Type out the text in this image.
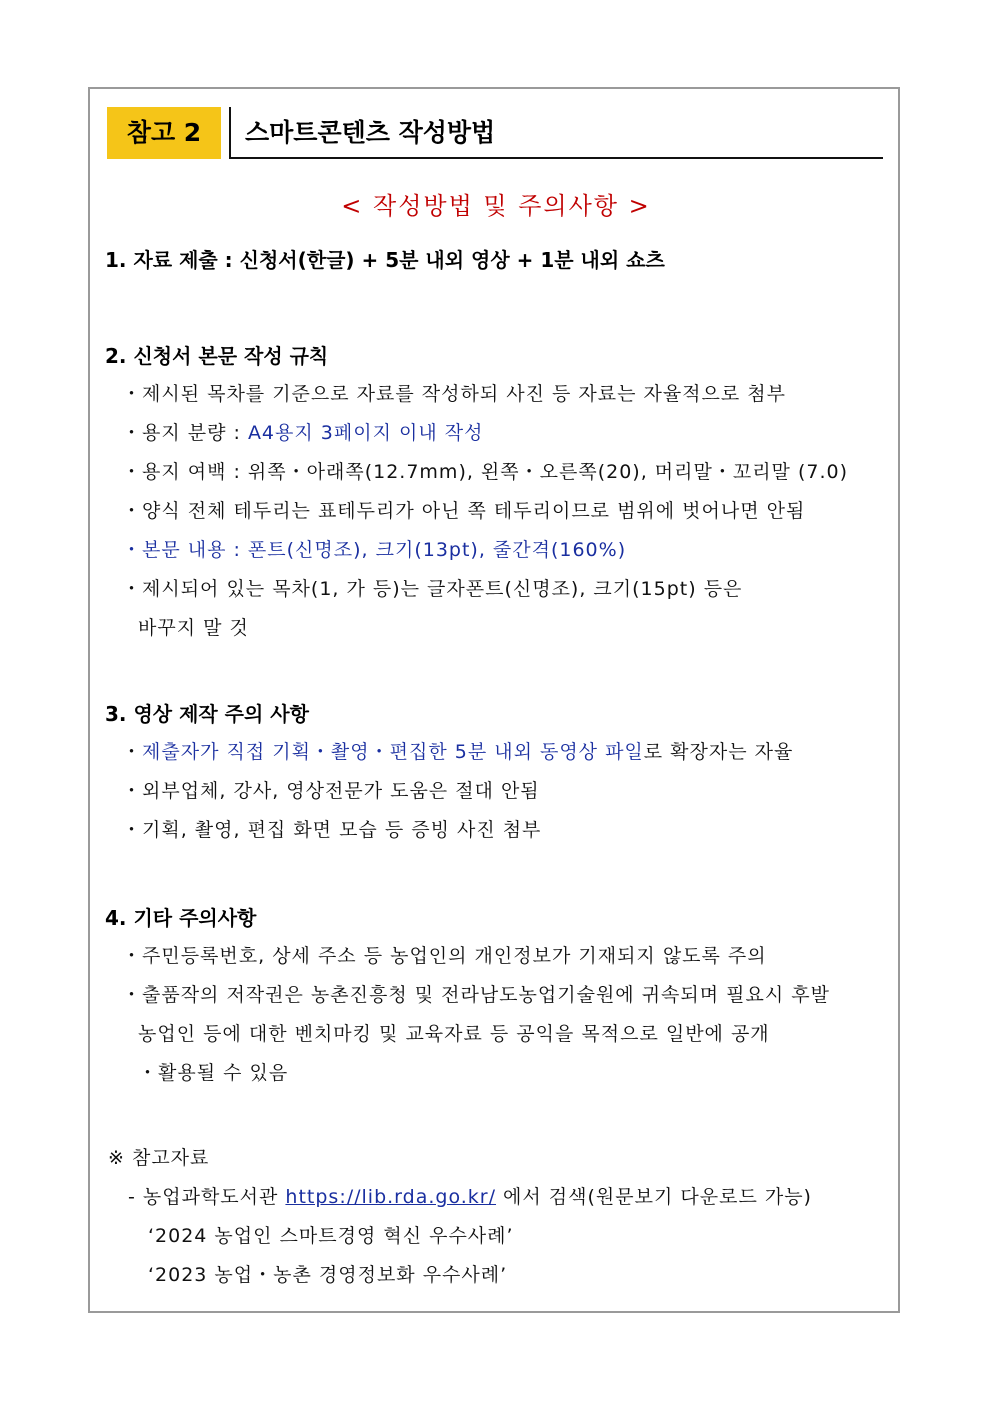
참고 2	스마트콘텐츠 작성방법
< 작성방법 및 주의사항 >
1. 자료 제출 : 신청서(한글) + 5분 내외 영상 + 1분 내외 쇼츠
2. 신청서 본문 작성 규칙
・제시된 목차를 기준으로 자료를 작성하되 사진 등 자료는 자율적으로 첨부
・용지 분량 : A4용지 3페이지 이내 작성
・용지 여백 : 위쪽・아래쪽(12.7mm), 왼쪽・오른쪽(20), 머리말・꼬리말 (7.0)
・양식 전체 테두리는 표테두리가 아닌 쪽 테두리이므로 범위에 벗어나면 안됨
・본문 내용 : 폰트(신명조), 크기(13pt), 줄간격(160%)
・제시되어 있는 목차(1, 가 등)는 글자폰트(신명조), 크기(15pt) 등은
바꾸지 말 것
3. 영상 제작 주의 사항
・제출자가 직접 기획・촬영・편집한 5분 내외 동영상 파일로 확장자는 자율
・외부업체, 강사, 영상전문가 도움은 절대 안됨
・기획, 촬영, 편집 화면 모습 등 증빙 사진 첨부
4. 기타 주의사항
・주민등록번호, 상세 주소 등 농업인의 개인정보가 기재되지 않도록 주의
・출품작의 저작권은 농촌진흥청 및 전라남도농업기술원에 귀속되며 필요시 후발
농업인 등에 대한 벤치마킹 및 교육자료 등 공익을 목적으로 일반에 공개
・활용될 수 있음
※ 참고자료
- 농업과학도서관 https://lib.rda.go.kr/ 에서 검색(원문보기 다운로드 가능)
‘2024 농업인 스마트경영 혁신 우수사례’
‘2023 농업・농촌 경영정보화 우수사례’
